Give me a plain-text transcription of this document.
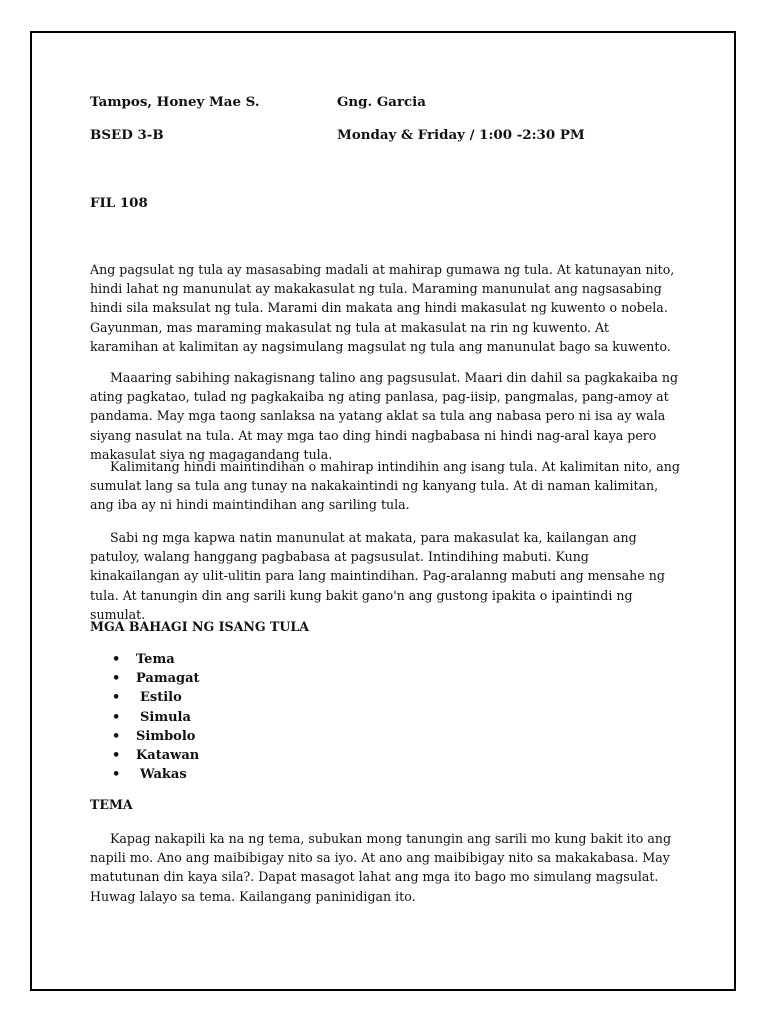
Tampos, Honey Mae S.	Gng. Garcia
BSED 3-B	Monday & Friday / 1:00 -2:30 PM
FIL 108

Ang pagsulat ng tula ay masasabing madali at mahirap gumawa ng tula. At katunayan nito, hindi lahat ng manunulat ay makakasulat ng tula. Maraming manunulat ang nagsasabing hindi sila maksulat ng tula. Marami din makata ang hindi makasulat ng kuwento o nobela. Gayunman, mas maraming makasulat ng tula at makasulat na rin ng kuwento. At karamihan at kalimitan ay nagsimulang magsulat ng tula ang manunulat bago sa kuwento.

Maaaring sabihing nakagisnang talino ang pagsusulat. Maari din dahil sa pagkakaiba ng ating pagkatao, tulad ng pagkakaiba ng ating panlasa, pag-iisip, pangmalas, pang-amoy at pandama. May mga taong sanlaksa na yatang aklat sa tula ang nabasa pero ni isa ay wala siyang nasulat na tula. At may mga tao ding hindi nagbabasa ni hindi nag-aral kaya pero makasulat siya ng magagandang tula.

Kalimitang hindi maintindihan o mahirap intindihin ang isang tula. At kalimitan nito, ang sumulat lang sa tula ang tunay na nakakaintindi ng kanyang tula. At di naman kalimitan, ang iba ay ni hindi maintindihan ang sariling tula.

Sabi ng mga kapwa natin manunulat at makata, para makasulat ka, kailangan ang patuloy, walang hanggang pagbabasa at pagsusulat. Intindihing mabuti. Kung kinakailangan ay ulit-ulitin para lang maintindihan. Pag-aralanng mabuti ang mensahe ng tula. At tanungin din ang sarili kung bakit gano'n ang gustong ipakita o ipaintindi ng sumulat.

MGA BAHAGI NG ISANG TULA
• Tema
• Pamagat
• Estilo
• Simula
• Simbolo
• Katawan
• Wakas
TEMA

Kapag nakapili ka na ng tema, subukan mong tanungin ang sarili mo kung bakit ito ang napili mo. Ano ang maibibigay nito sa iyo. At ano ang maibibigay nito sa makakabasa. May matutunan din kaya sila?. Dapat masagot lahat ang mga ito bago mo simulang magsulat. Huwag lalayo sa tema. Kailangang paninidigan ito.
